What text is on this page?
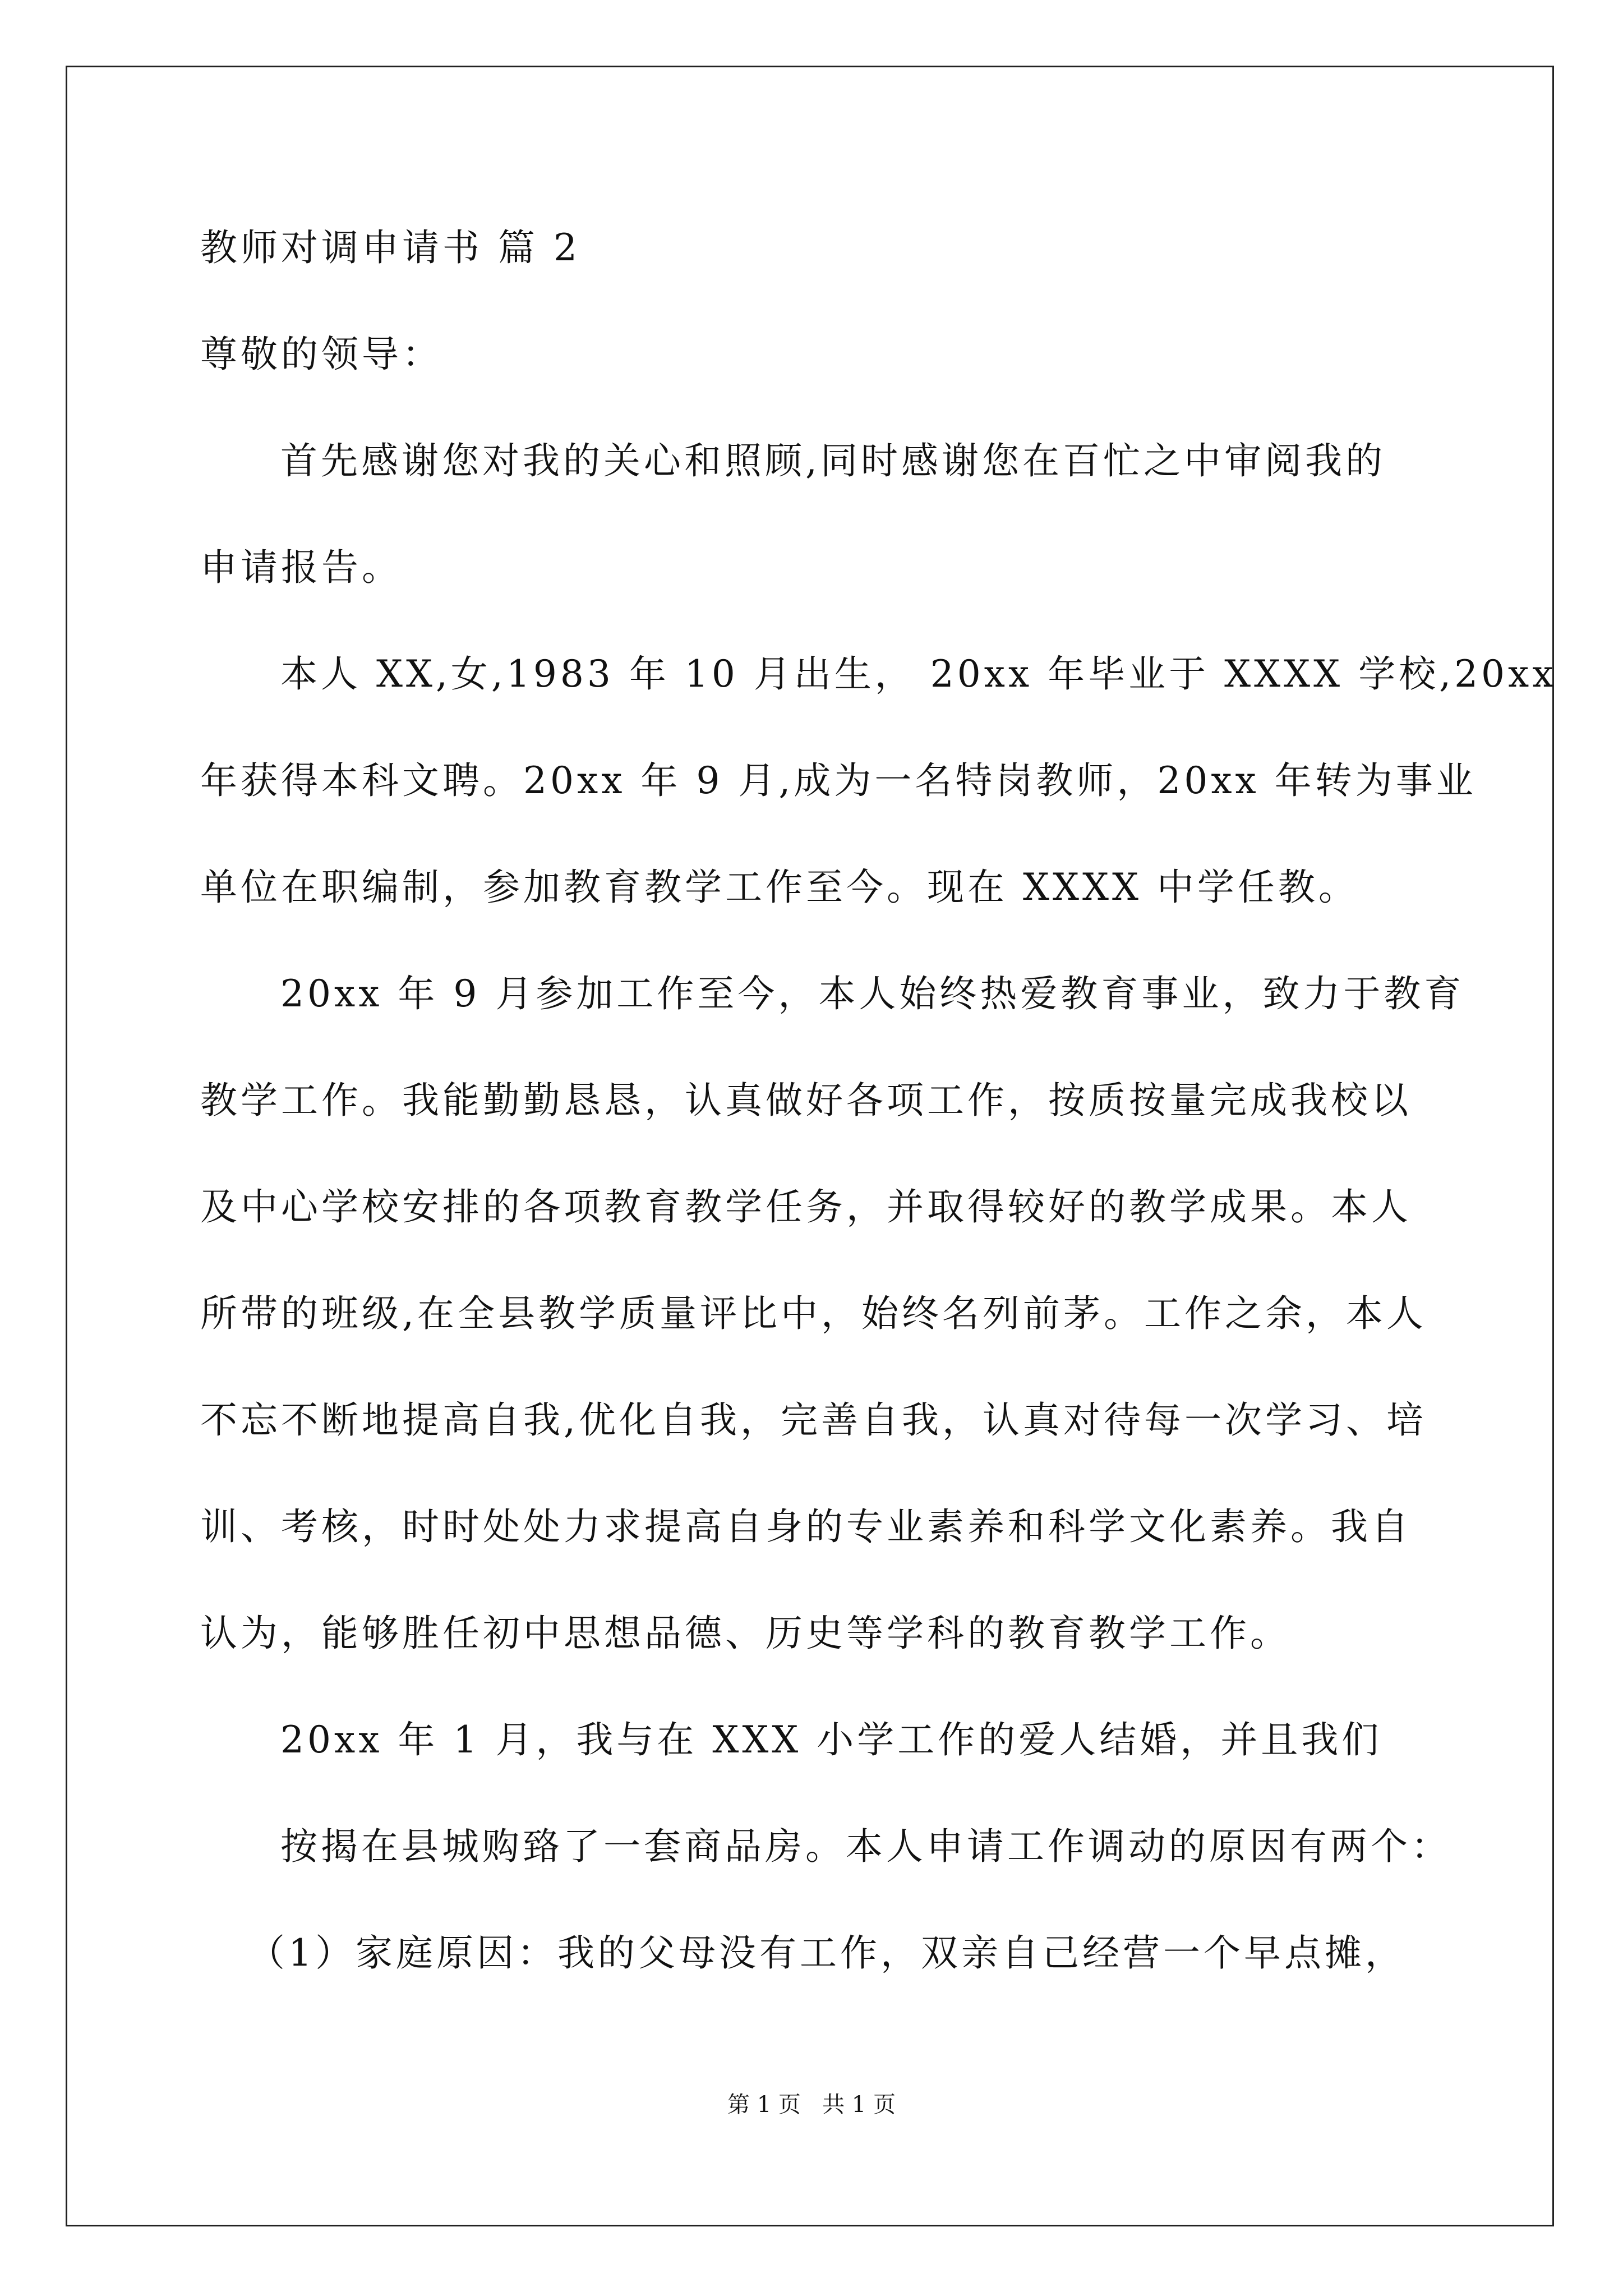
教师对调申请书 篇 2
尊敬的领导：
首先感谢您对我的关心和照顾,同时感谢您在百忙之中审阅我的
申请报告。
本人 XX,女,1983 年 10 月出生， 20xx 年毕业于 XXXX 学校,20xx
年获得本科文聘。20xx 年 9 月,成为一名特岗教师，20xx 年转为事业
单位在职编制，参加教育教学工作至今。现在 XXXX 中学任教。
20xx 年 9 月参加工作至今，本人始终热爱教育事业，致力于教育
教学工作。我能勤勤恳恳，认真做好各项工作，按质按量完成我校以
及中心学校安排的各项教育教学任务，并取得较好的教学成果。本人
所带的班级,在全县教学质量评比中，始终名列前茅。工作之余，本人
不忘不断地提高自我,优化自我，完善自我，认真对待每一次学习、培
训、考核，时时处处力求提高自身的专业素养和科学文化素养。我自
认为，能够胜任初中思想品德、历史等学科的教育教学工作。
20xx 年 1 月，我与在 XXX 小学工作的爱人结婚，并且我们
按揭在县城购臵了一套商品房。本人申请工作调动的原因有两个：
（1）家庭原因：我的父母没有工作，双亲自己经营一个早点摊，
第 1 页   共 1 页
